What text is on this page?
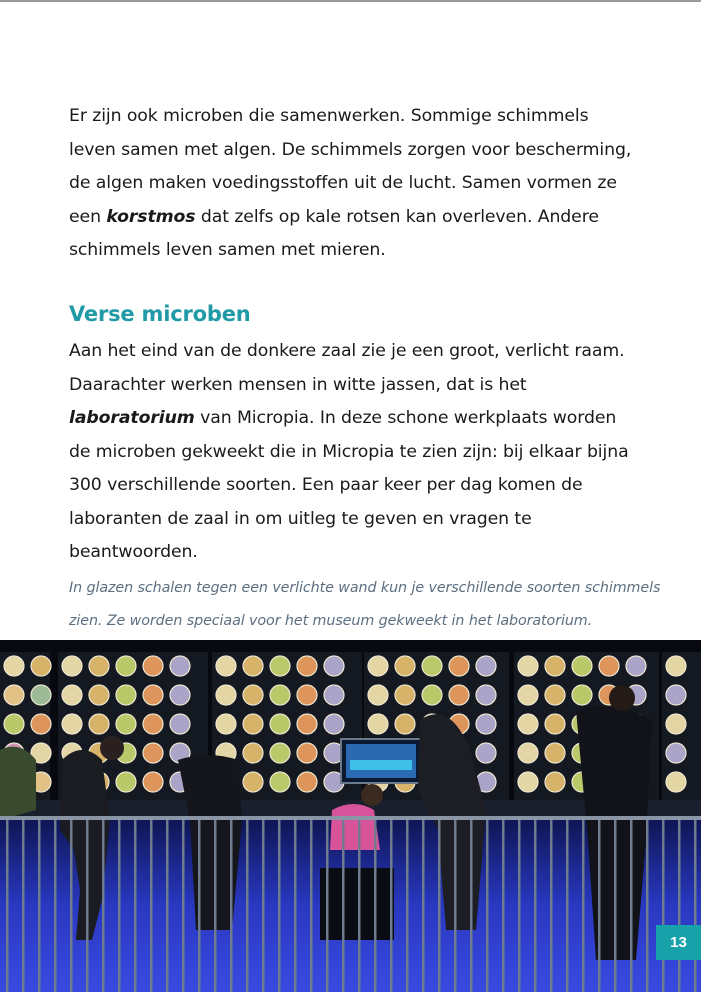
Er zijn ook microben die samenwerken. Sommige schimmels leven samen met algen. De schimmels zorgen voor bescherming, de algen maken voedingsstoffen uit de lucht. Samen vormen ze een korstmos dat zelfs op kale rotsen kan overleven. Andere schimmels leven samen met mieren.

Verse microben

Aan het eind van de donkere zaal zie je een groot, verlicht raam. Daarachter werken mensen in witte jassen, dat is het laboratorium van Micropia. In deze schone werkplaats worden de microben gekweekt die in Micropia te zien zijn: bij elkaar bijna 300 verschillende soorten. Een paar keer per dag komen de laboranten de zaal in om uitleg te geven en vragen te beantwoorden.

In glazen schalen tegen een verlichte wand kun je verschillende soorten schimmels zien. Ze worden speciaal voor het museum gekweekt in het laboratorium.

13
